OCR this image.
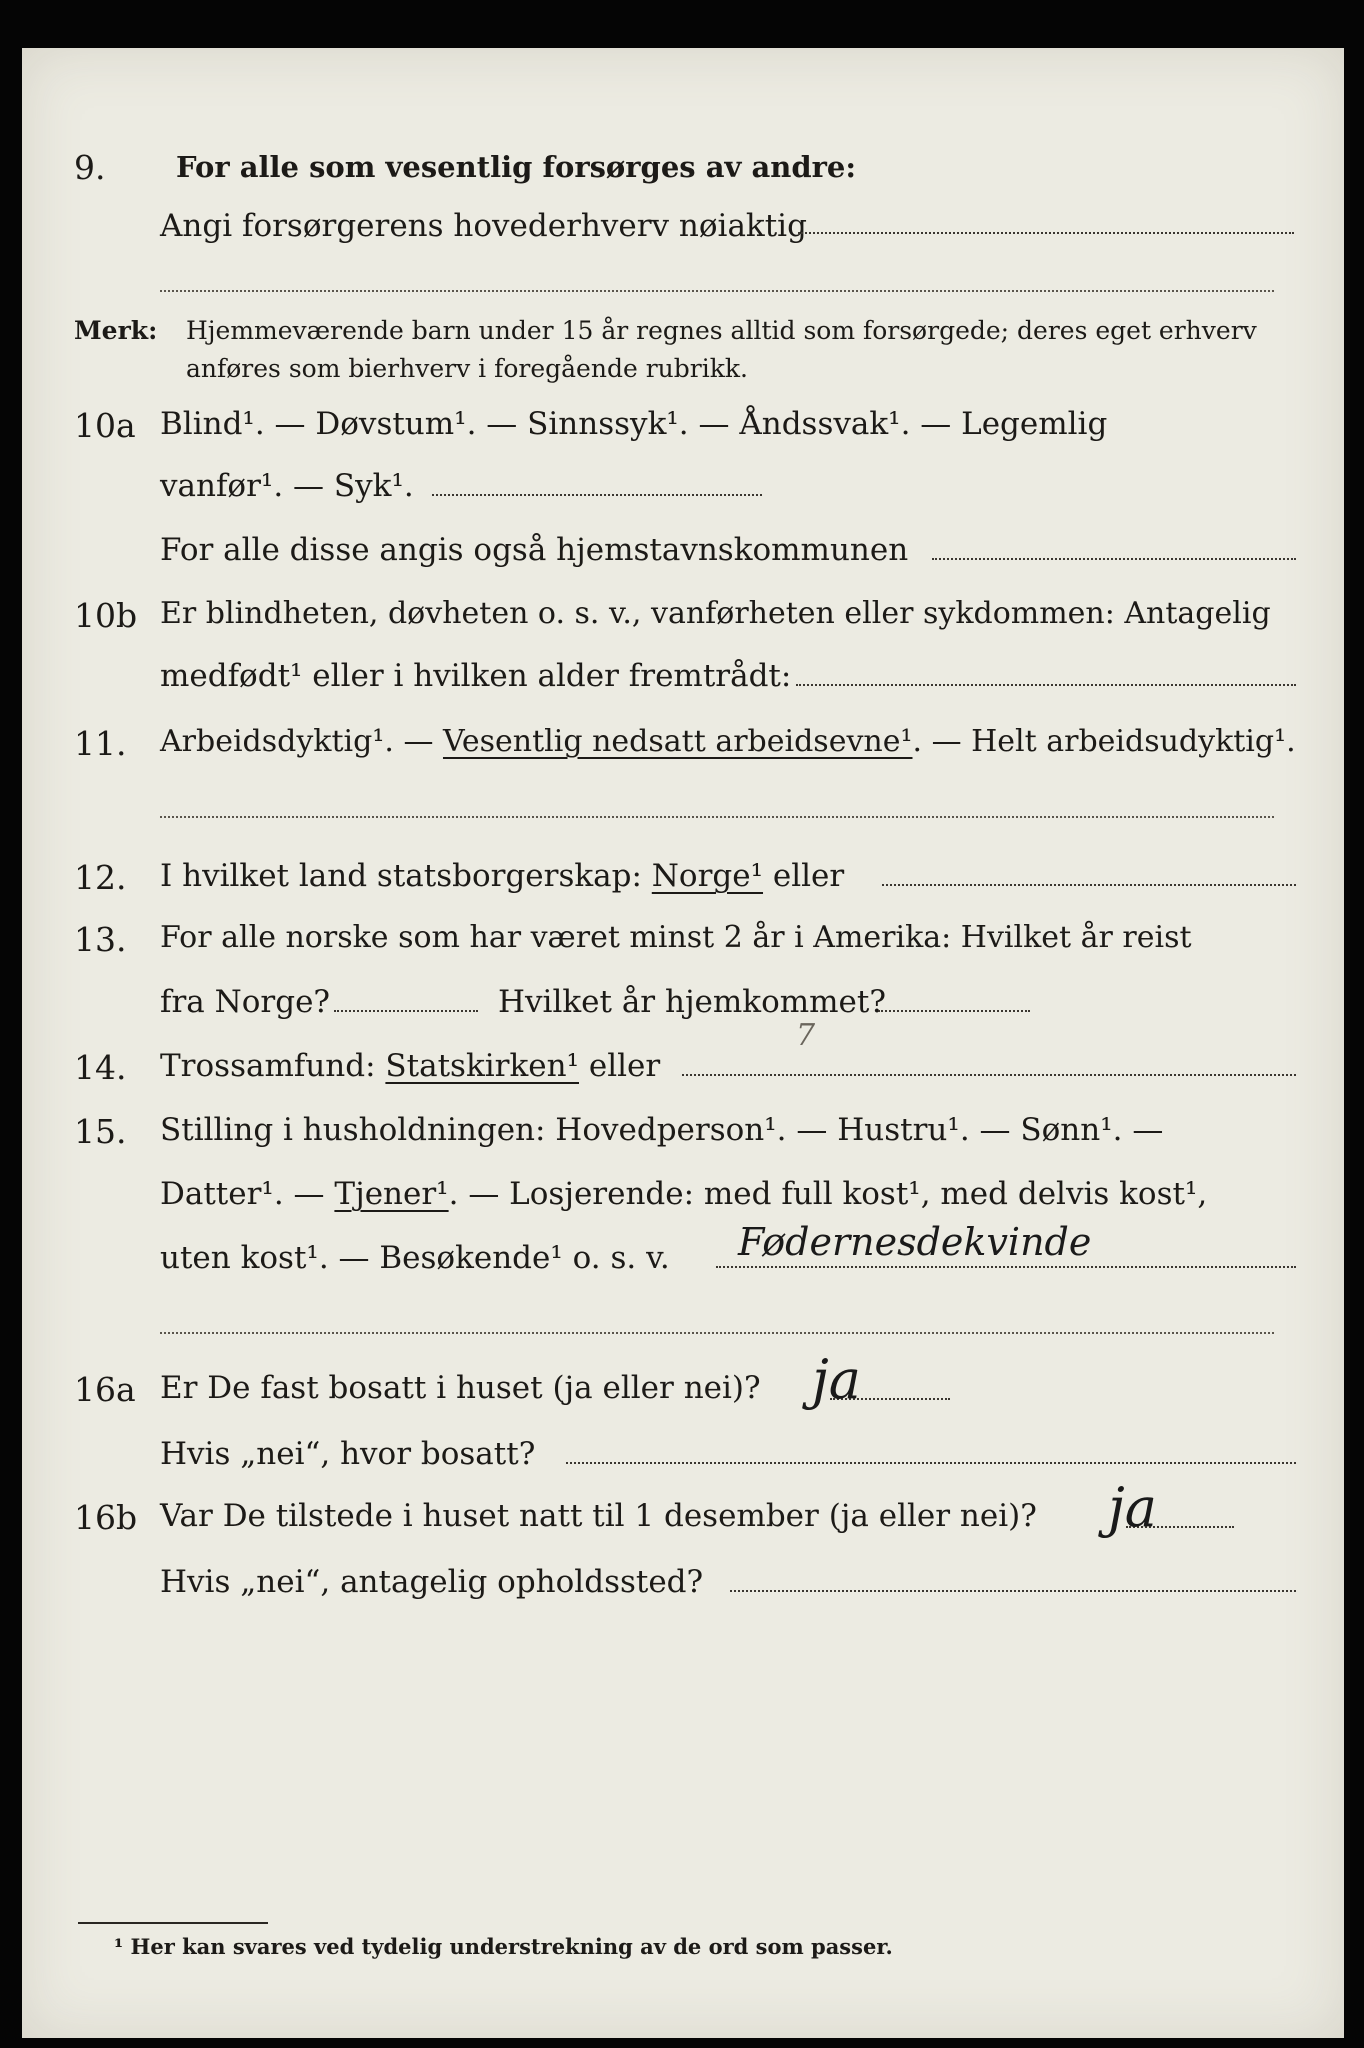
9. For alle som vesentlig forsørges av andre:
Angi forsørgerens hovederhverv nøiaktig
Merk: Hjemmeværende barn under 15 år regnes alltid som forsørgede; deres eget erhverv
anføres som bierhverv i foregående rubrikk.
10a Blind¹. — Døvstum¹. — Sinnssyk¹. — Åndssvak¹. — Legemlig
vanfør¹. — Syk¹.
For alle disse angis også hjemstavnskommunen
10b Er blindheten, døvheten o. s. v., vanførheten eller sykdommen: Antagelig
medfødt¹ eller i hvilken alder fremtrådt:
11. Arbeidsdyktig¹. — Vesentlig nedsatt arbeidsevne¹. — Helt arbeidsudyktig¹.
12. I hvilket land statsborgerskap: Norge¹ eller
13. For alle norske som har været minst 2 år i Amerika: Hvilket år reist
fra Norge?	Hvilket år hjemkommet?
14. Trossamfund: Statskirken¹ eller
7
15. Stilling i husholdningen: Hovedperson¹. — Hustru¹. — Sønn¹. —
Datter¹. — Tjener¹. — Losjerende: med full kost¹, med delvis kost¹,
uten kost¹. — Besøkende¹ o. s. v. Fødernesdekvinde
16a Er De fast bosatt i huset (ja eller nei)? ja
Hvis „nei“, hvor bosatt?
16b Var De tilstede i huset natt til 1 desember (ja eller nei)? ja
Hvis „nei“, antagelig opholdssted?
¹ Her kan svares ved tydelig understrekning av de ord som passer.
